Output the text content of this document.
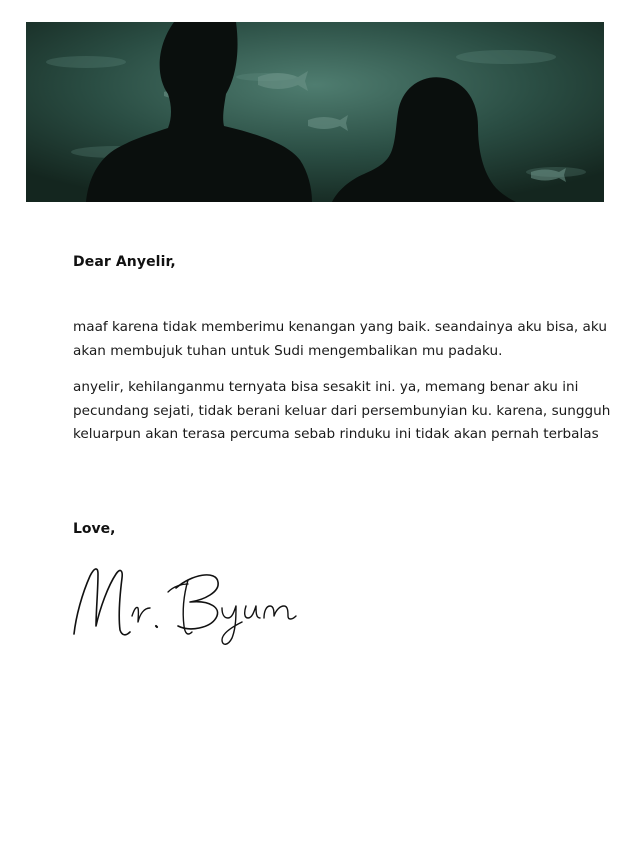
Dear Anyelir,
maaf karena tidak memberimu kenangan yang baik. seandainya aku bisa, aku akan membujuk tuhan untuk Sudi mengembalikan mu padaku.
anyelir, kehilanganmu ternyata bisa sesakit ini. ya, memang benar aku ini pecundang sejati, tidak berani keluar dari persembunyian ku. karena, sungguh keluarpun akan terasa percuma sebab rinduku ini tidak akan pernah terbalas
Love,
